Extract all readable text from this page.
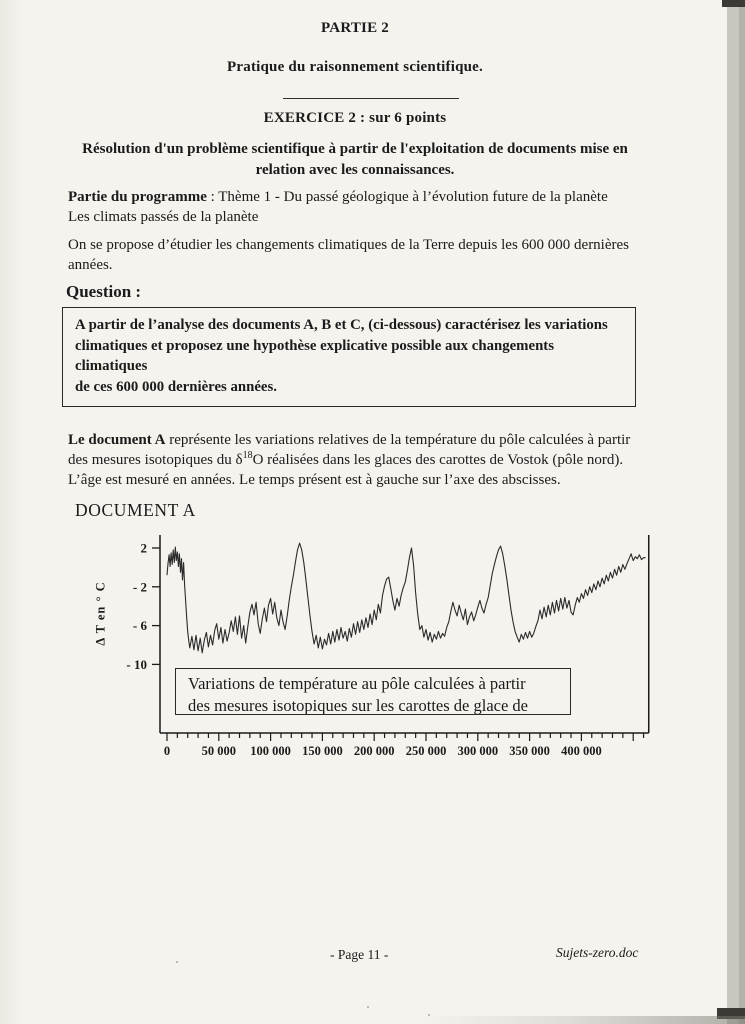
PARTIE 2
Pratique du raisonnement scientifique.
EXERCICE 2 : sur 6 points
Résolution d'un problème scientifique à partir de l'exploitation de documents mise en
relation avec les connaissances.
Partie du programme : Thème 1 - Du passé géologique à l’évolution future de la planète
Les climats passés de la planète
On se propose d’étudier les changements climatiques de la Terre depuis les 600 000 dernières
années.
Question :
A partir de l’analyse des documents A, B et C, (ci-dessous) caractérisez les variations
climatiques et proposez une hypothèse explicative possible aux changements climatiques
de ces 600 000 dernières années.
Le document A représente les variations relatives de la température du pôle calculées à partir
des mesures isotopiques du $\delta^{18}O$ réalisées dans les glaces des carottes de Vostok (pôle nord).
L’âge est mesuré en années. Le temps présent est à gauche sur l’axe des abscisses.
DOCUMENT A
Δ T en ° C
2
- 2
- 6
- 10
0	50 000 100 000 150 000 200 000 250 000 300 000 350 000 400 000
Variations de température au pôle calculées à partir
des mesures isotopiques sur les carottes de glace de
- Page 11 -	Sujets-zero.doc
